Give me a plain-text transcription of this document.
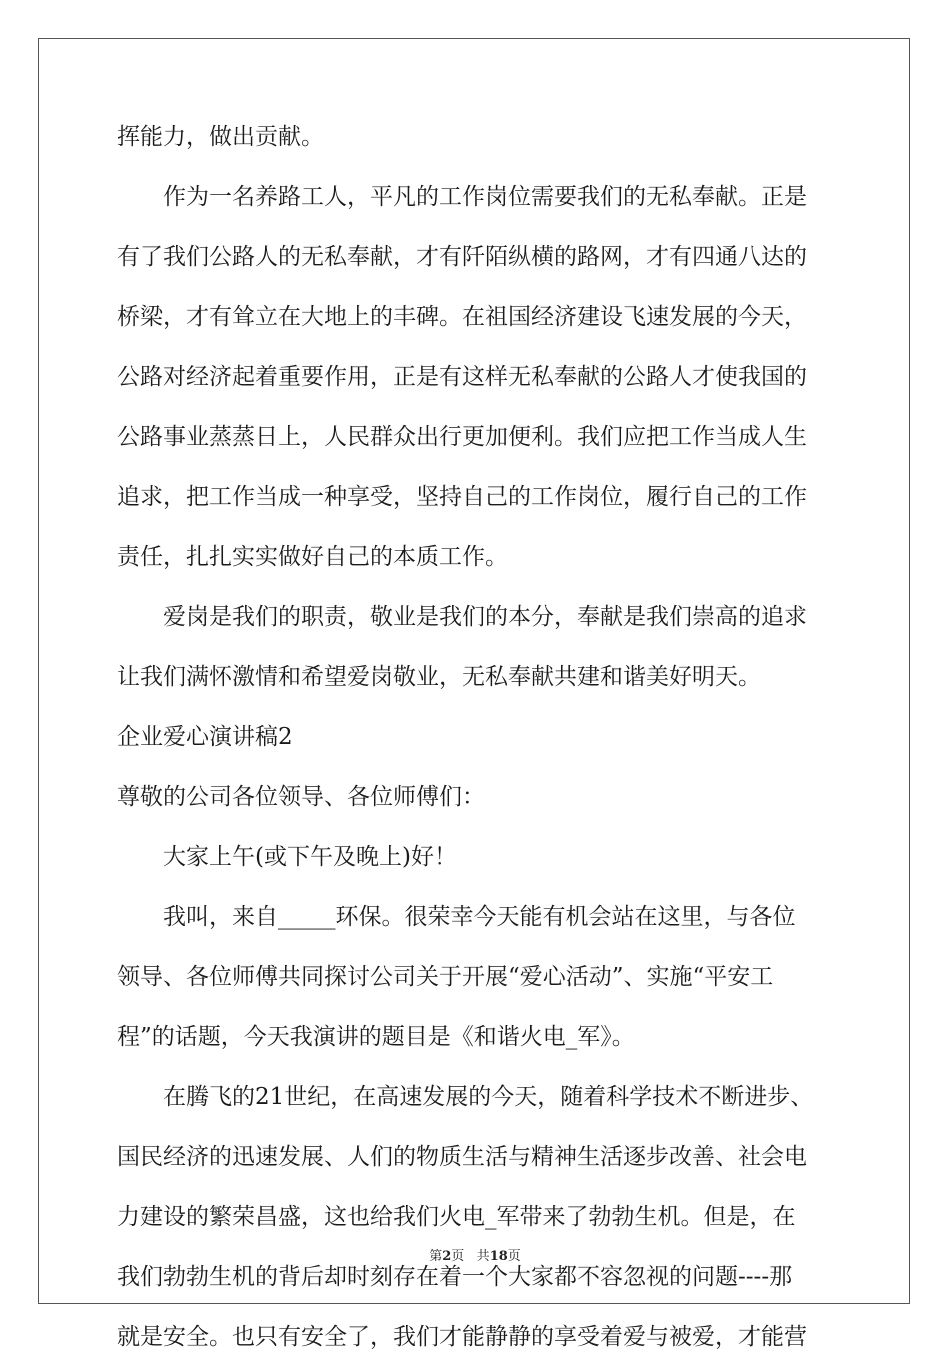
挥能力，做出贡献。
　　作为一名养路工人，平凡的工作岗位需要我们的无私奉献。正是
有了我们公路人的无私奉献，才有阡陌纵横的路网，才有四通八达的
桥梁，才有耸立在大地上的丰碑。在祖国经济建设飞速发展的今天，
公路对经济起着重要作用，正是有这样无私奉献的公路人才使我国的
公路事业蒸蒸日上，人民群众出行更加便利。我们应把工作当成人生
追求，把工作当成一种享受，坚持自己的工作岗位，履行自己的工作
责任，扎扎实实做好自己的本质工作。
　　爱岗是我们的职责，敬业是我们的本分，奉献是我们崇高的追求
让我们满怀激情和希望爱岗敬业，无私奉献共建和谐美好明天。
企业爱心演讲稿2
尊敬的公司各位领导、各位师傅们：
　　大家上午(或下午及晚上)好！
　　我叫，来自_____环保。很荣幸今天能有机会站在这里，与各位
领导、各位师傅共同探讨公司关于开展“爱心活动”、实施“平安工
程”的话题，今天我演讲的题目是《和谐火电_军》。
　　在腾飞的21世纪，在高速发展的今天，随着科学技术不断进步、
国民经济的迅速发展、人们的物质生活与精神生活逐步改善、社会电
力建设的繁荣昌盛，这也给我们火电_军带来了勃勃生机。但是，在
我们勃勃生机的背后却时刻存在着一个大家都不容忽视的问题----那
就是安全。也只有安全了，我们才能静静的享受着爱与被爱，才能营
第2页 共18页
